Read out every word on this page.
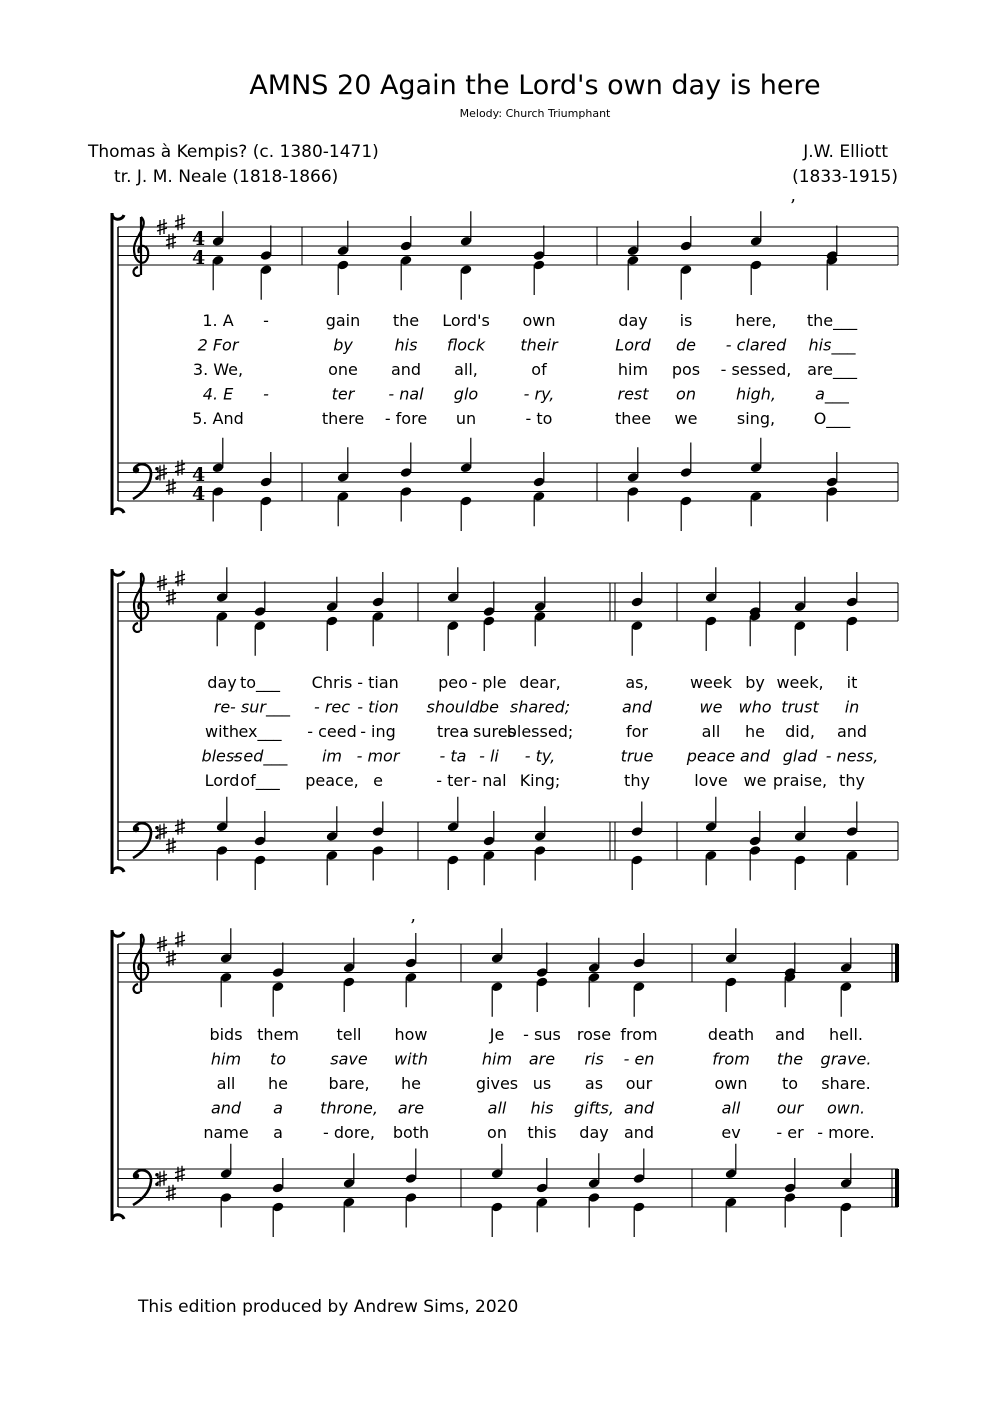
AMNS 20 Again the Lord's own day is here
Melody: Church Triumphant
Thomas à Kempis? (c. 1380-1471)
tr. J. M. Neale (1818-1866)
J.W. Elliott
(1833-1915)
This edition produced by Andrew Sims, 2020
4
4
4
4
1. A -	gain the Lord's own	day is	here, the___
2 For	by	his flock their	Lord de - clared his___
3. We,	one and all,	of	him pos - sessed, are___
4. E -	ter - nal glo	- ry,	rest on	high, a___
5. And	there - fore un	- to	thee we sing, O___
day to___ Chris - tian peo - ple dear,	as,	week by week, it
re - sur___ - rec - tion should be shared;	and	we who trust in
with ex___ - ceed - ing	trea
- sures
blessed;	for	all he did, and
bless
- ed___ im - mor	- ta - li - ty,	true peace and glad - ness,
Lord of___ peace, e	- ter - nal King;	thy	love we praise, thy
bids them tell how	Je - sus rose from	death and hell.
him to	save with	him are ris - en	from the grave.
all he	bare, he	gives us as our	own to share.
and a throne, are	all his gifts, and	all our own.
name a	- dore, both	on this day and	ev - er - more.
’
’
